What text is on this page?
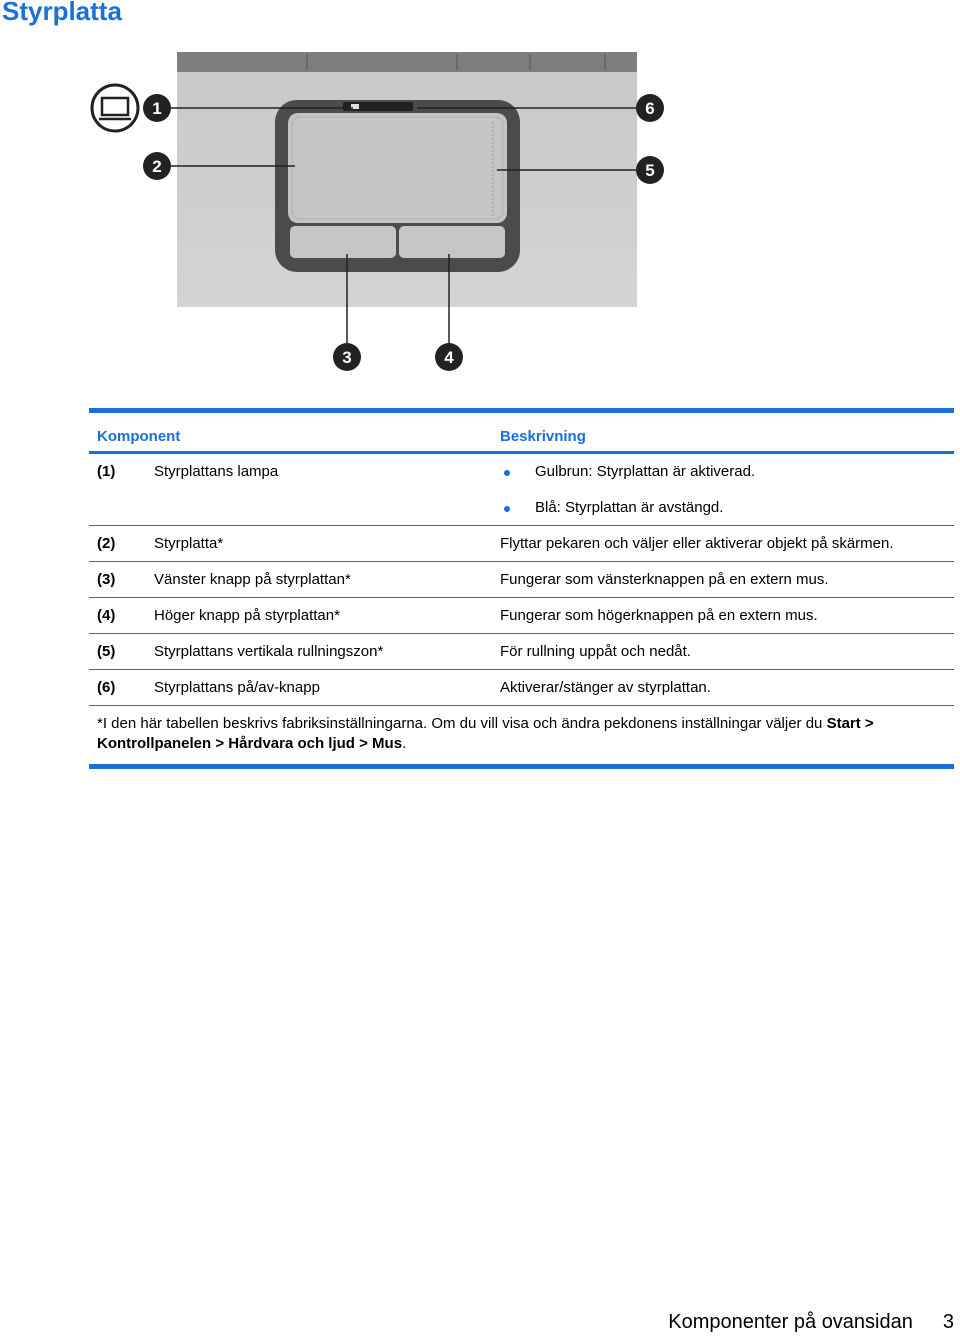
Styrplatta
1
2
3	4
5
6
Komponent	Beskrivning
(1)	Styrplattans lampa	Gulbrun: Styrplattan är aktiverad.
Blå: Styrplattan är avstängd.
(2)	Styrplatta*	Flyttar pekaren och väljer eller aktiverar objekt på skärmen.
(3)	Vänster knapp på styrplattan*	Fungerar som vänsterknappen på en extern mus.
(4)	Höger knapp på styrplattan*	Fungerar som högerknappen på en extern mus.
(5)	Styrplattans vertikala rullningszon*	För rullning uppåt och nedåt.
(6)	Styrplattans på/av-knapp	Aktiverar/stänger av styrplattan.
*I den här tabellen beskrivs fabriksinställningarna. Om du vill visa och ändra pekdonens inställningar väljer du Start > Kontrollpanelen > Hårdvara och ljud > Mus.
Komponenter på ovansidan 3
